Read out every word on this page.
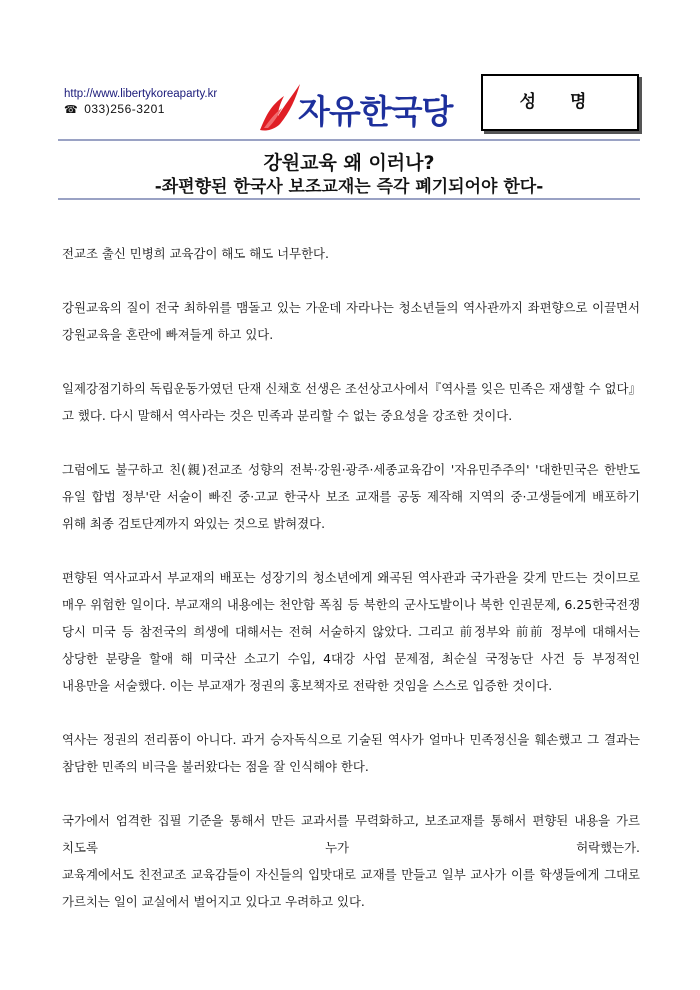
http://www.libertykoreaparty.kr
☎ 033)256-3201	자유한국당	성 명
강원교육 왜 이러나?
-좌편향된 한국사 보조교재는 즉각 폐기되어야 한다-

전교조 출신 민병희 교육감이 해도 해도 너무한다.

강원교육의 질이 전국 최하위를 맴돌고 있는 가운데 자라나는 청소년들의 역사관까지 좌편향으로 이끌면서

강원교육을 혼란에 빠져들게 하고 있다.

일제강점기하의 독립운동가였던 단재 신채호 선생은 조선상고사에서『역사를 잊은 민족은 재생할 수 없다』

고 했다. 다시 말해서 역사라는 것은 민족과 분리할 수 없는 중요성을 강조한 것이다.

그럼에도 불구하고 친(親)전교조 성향의 전북·강원·광주·세종교육감이 '자유민주주의' '대한민국은 한반도

유일 합법 정부'란 서술이 빠진 중·고교 한국사 보조 교재를 공동 제작해 지역의 중·고생들에게 배포하기

위해 최종 검토단계까지 와있는 것으로 밝혀졌다.

편향된 역사교과서 부교재의 배포는 성장기의 청소년에게 왜곡된 역사관과 국가관을 갖게 만드는 것이므로

매우 위험한 일이다. 부교재의 내용에는 천안함 폭침 등 북한의 군사도발이나 북한 인권문제, 6.25한국전쟁

당시 미국 등 참전국의 희생에 대해서는 전혀 서술하지 않았다. 그리고 前정부와 前前 정부에 대해서는

상당한 분량을 할애 해 미국산 소고기 수입, 4대강 사업 문제점, 최순실 국정농단 사건 등 부정적인

내용만을 서술했다. 이는 부교재가 정권의 홍보책자로 전락한 것임을 스스로 입증한 것이다.

역사는 정권의 전리품이 아니다. 과거 승자독식으로 기술된 역사가 얼마나 민족정신을 훼손했고 그 결과는

참담한 민족의 비극을 불러왔다는 점을 잘 인식해야 한다.

국가에서 엄격한 집필 기준을 통해서 만든 교과서를 무력화하고, 보조교재를 통해서 편향된 내용을 가르

치도록 누가 허락했는가.

교육계에서도 친전교조 교육감들이 자신들의 입맛대로 교재를 만들고 일부 교사가 이를 학생들에게 그대로

가르치는 일이 교실에서 벌어지고 있다고 우려하고 있다.
